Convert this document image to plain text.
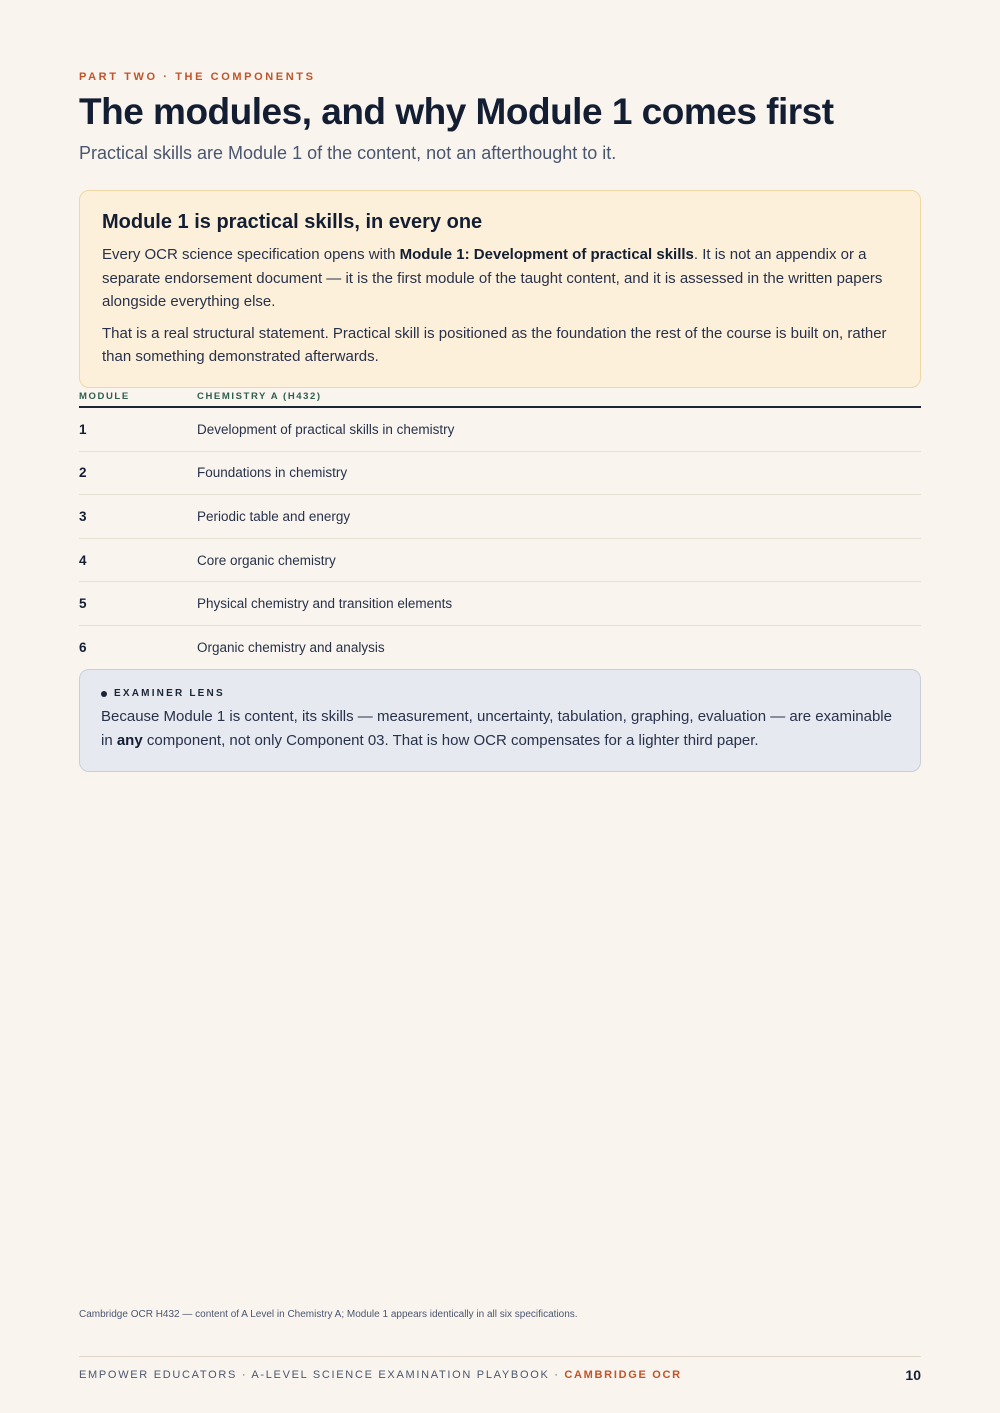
PART TWO · THE COMPONENTS
The modules, and why Module 1 comes first
Practical skills are Module 1 of the content, not an afterthought to it.
Module 1 is practical skills, in every one

Every OCR science specification opens with Module 1: Development of practical skills. It is not an appendix or a separate endorsement document — it is the first module of the taught content, and it is assessed in the written papers alongside everything else.

That is a real structural statement. Practical skill is positioned as the foundation the rest of the course is built on, rather than something demonstrated afterwards.

MODULE	CHEMISTRY A (H432)
1	Development of practical skills in chemistry
2	Foundations in chemistry
3	Periodic table and energy
4	Core organic chemistry
5	Physical chemistry and transition elements
6	Organic chemistry and analysis
EXAMINER LENS

Because Module 1 is content, its skills — measurement, uncertainty, tabulation, graphing, evaluation — are examinable in any component, not only Component 03. That is how OCR compensates for a lighter third paper.

Cambridge OCR H432 — content of A Level in Chemistry A; Module 1 appears identically in all six specifications.
EMPOWER EDUCATORS · A-LEVEL SCIENCE EXAMINATION PLAYBOOK · CAMBRIDGE OCR	10
